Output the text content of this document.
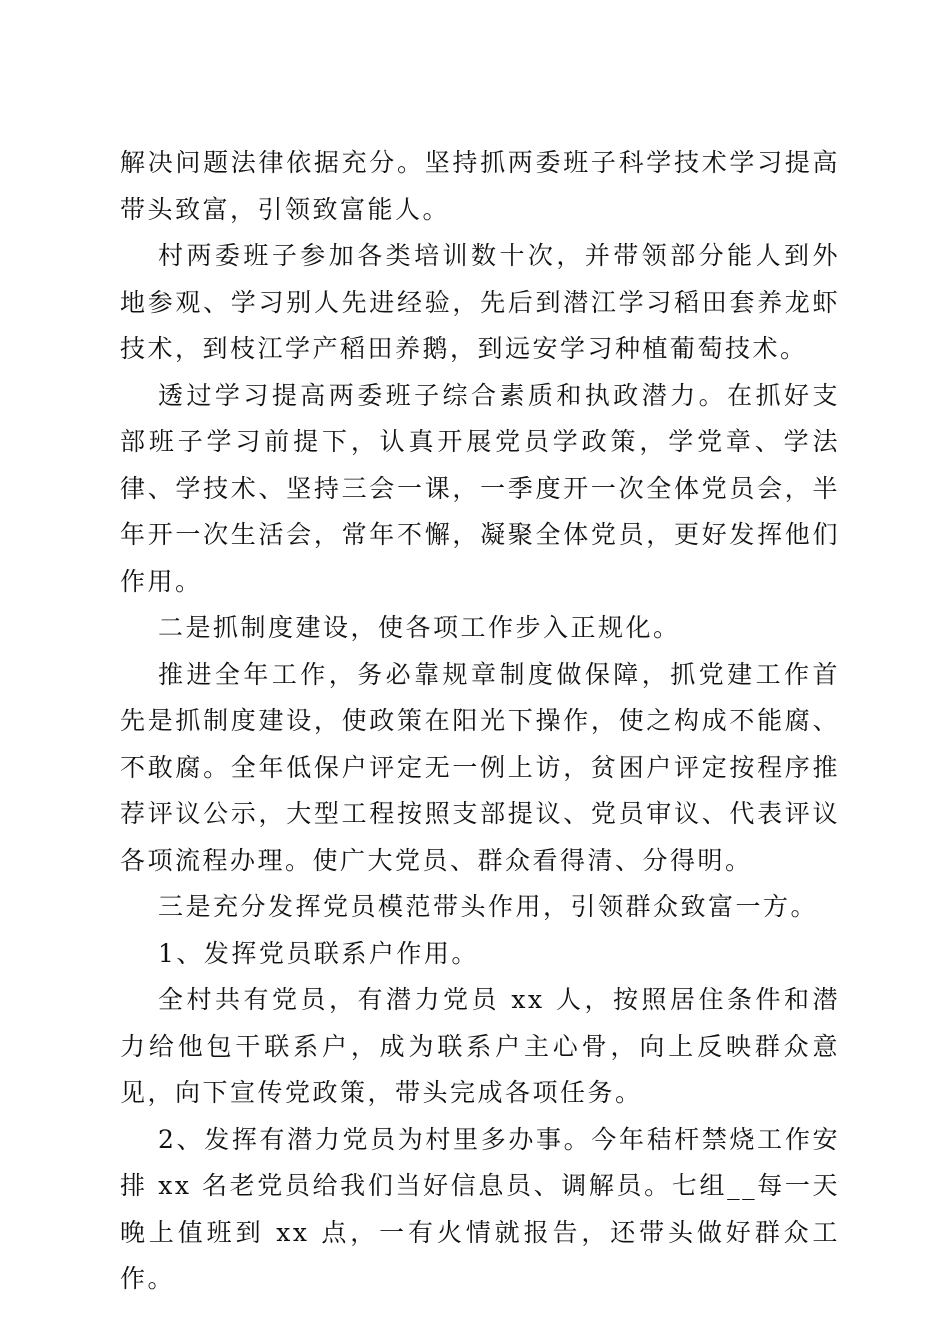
解决问题法律依据充分。坚持抓两委班子科学技术学习提高带头致富，引领致富能人。

村两委班子参加各类培训数十次，并带领部分能人到外地参观、学习别人先进经验，先后到潜江学习稻田套养龙虾技术，到枝江学产稻田养鹅，到远安学习种植葡萄技术。

透过学习提高两委班子综合素质和执政潜力。在抓好支部班子学习前提下，认真开展党员学政策，学党章、学法律、学技术、坚持三会一课，一季度开一次全体党员会，半年开一次生活会，常年不懈，凝聚全体党员，更好发挥他们作用。

二是抓制度建设，使各项工作步入正规化。

推进全年工作，务必靠规章制度做保障，抓党建工作首先是抓制度建设，使政策在阳光下操作，使之构成不能腐、不敢腐。全年低保户评定无一例上访，贫困户评定按程序推荐评议公示，大型工程按照支部提议、党员审议、代表评议各项流程办理。使广大党员、群众看得清、分得明。

三是充分发挥党员模范带头作用，引领群众致富一方。

1、发挥党员联系户作用。

全村共有党员，有潜力党员 xx 人，按照居住条件和潜力给他包干联系户，成为联系户主心骨，向上反映群众意见，向下宣传党政策，带头完成各项任务。

2、发挥有潜力党员为村里多办事。今年秸杆禁烧工作安排 xx 名老党员给我们当好信息员、调解员。七组__每一天晚上值班到 xx 点，一有火情就报告，还带头做好群众工作。
